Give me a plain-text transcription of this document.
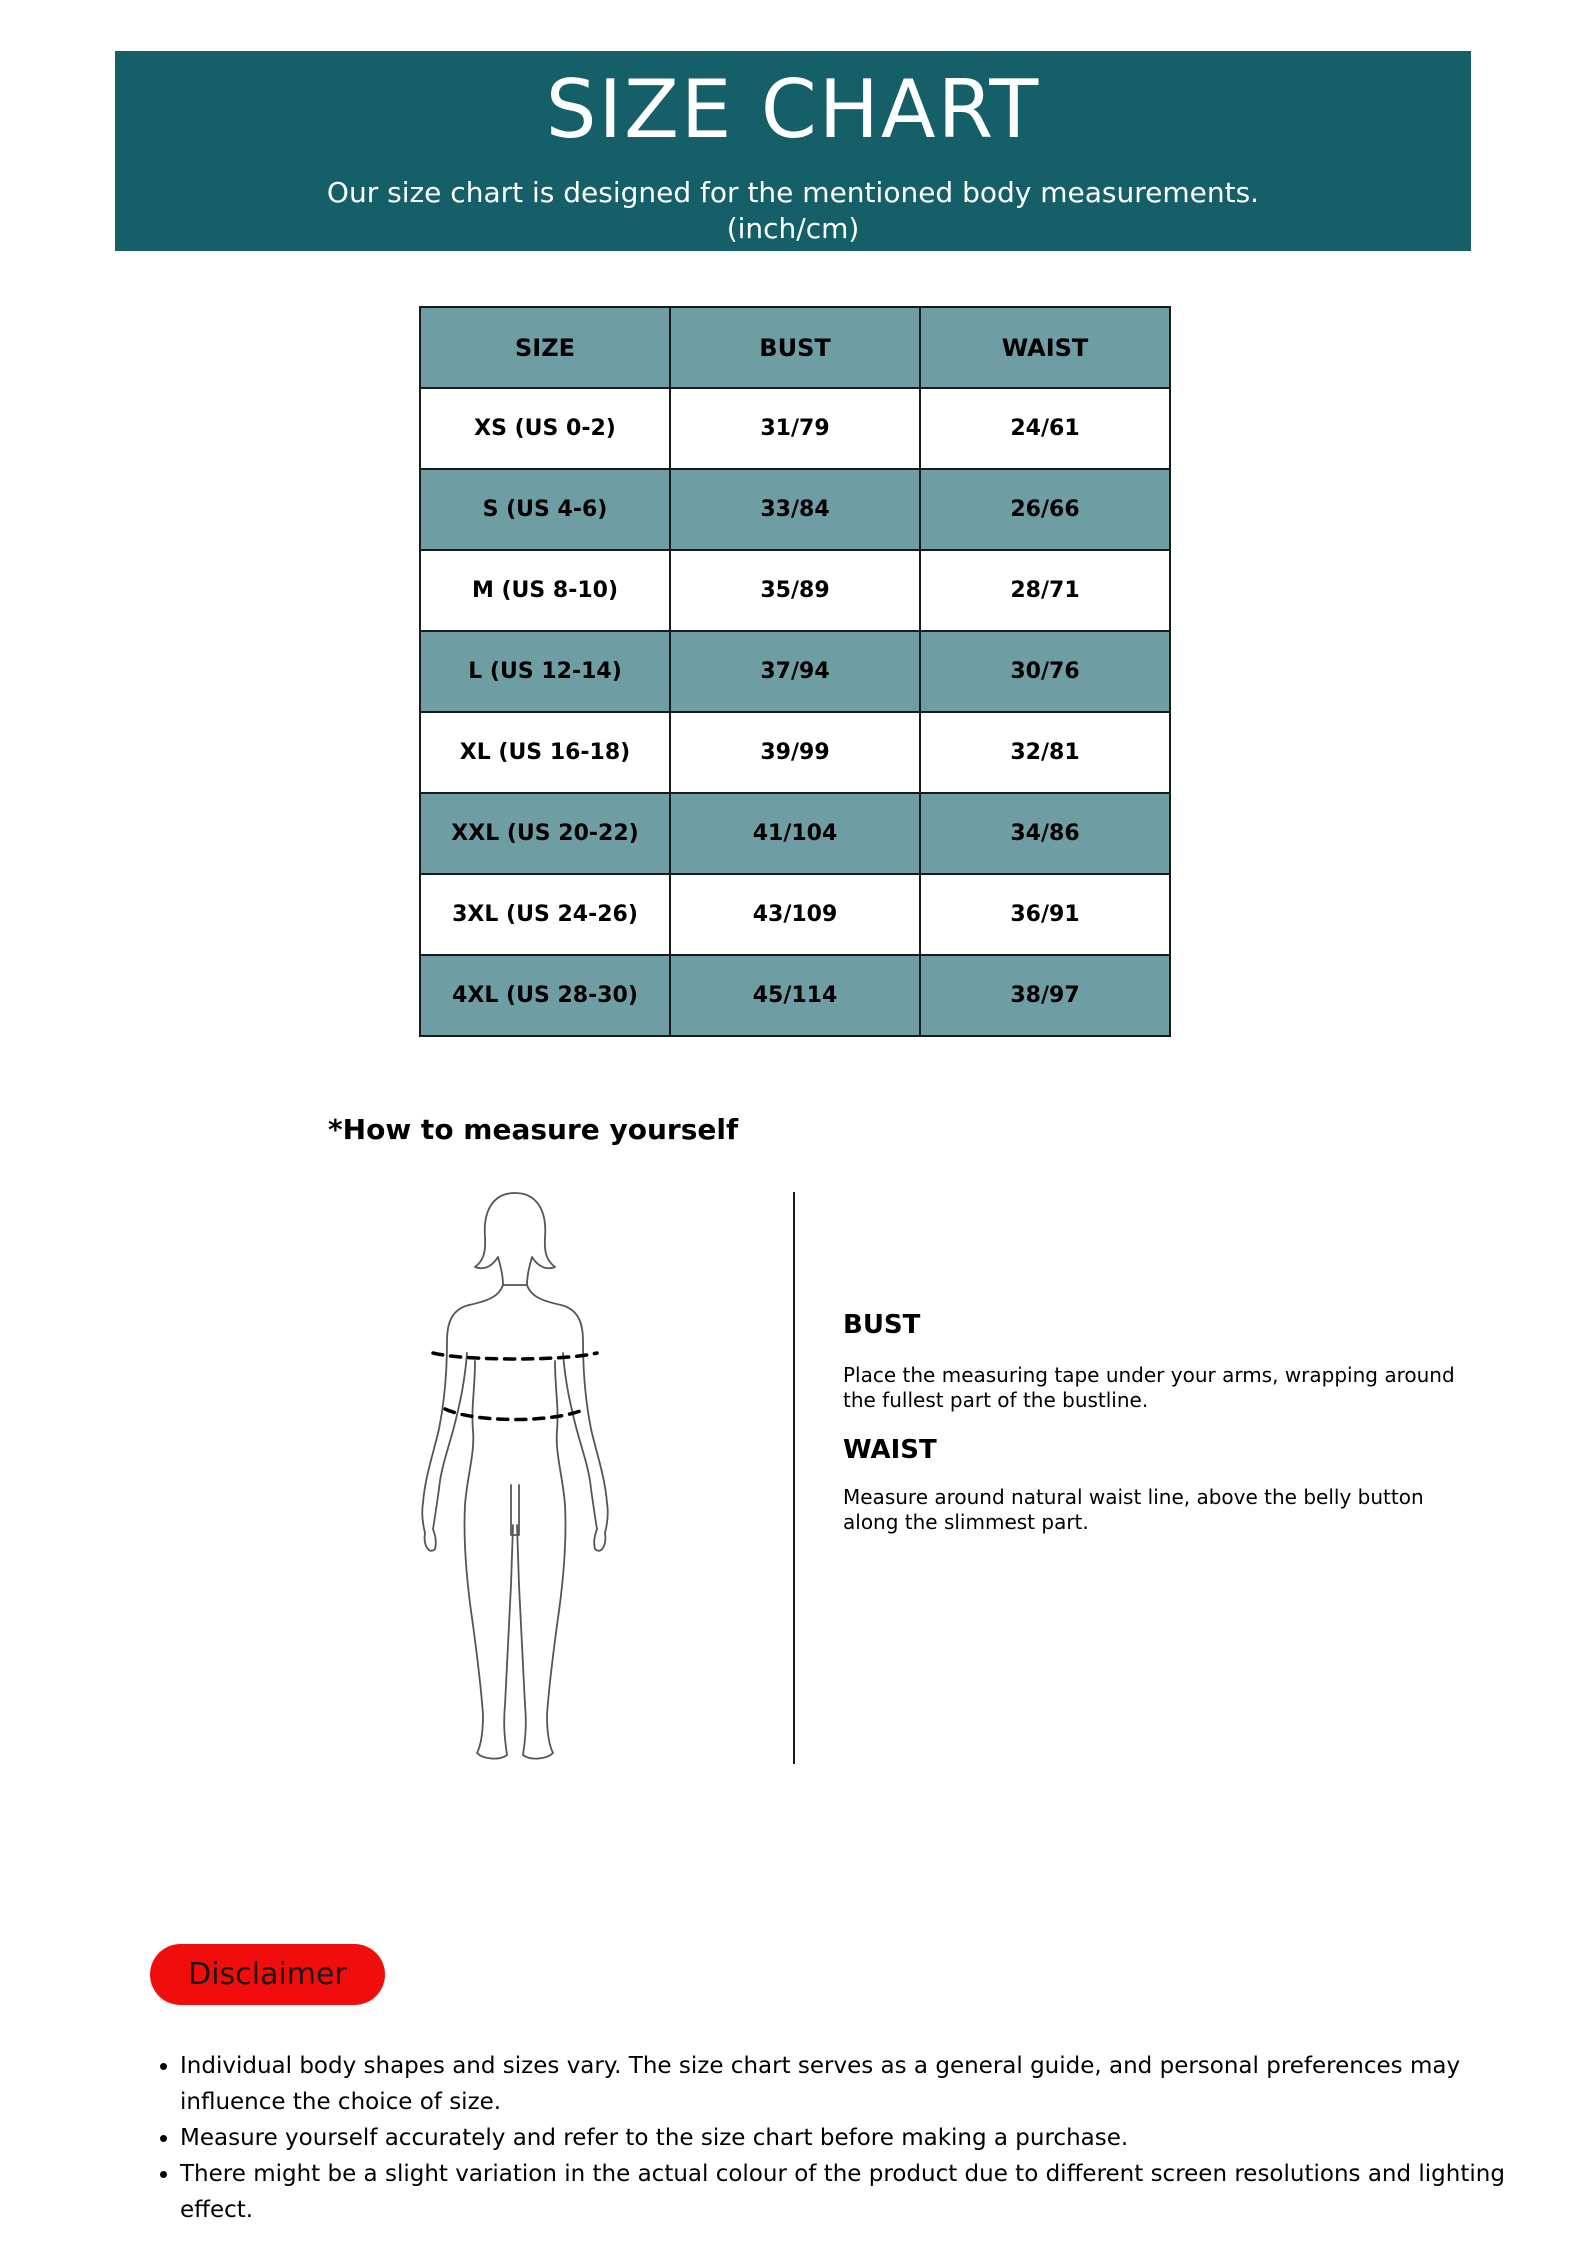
SIZE CHART
Our size chart is designed for the mentioned body measurements.
(inch/cm)
SIZE	BUST	WAIST
XS (US 0-2)	31/79	24/61
S (US 4-6)	33/84	26/66
M (US 8-10)	35/89	28/71
L (US 12-14)	37/94	30/76
XL (US 16-18)	39/99	32/81
XXL (US 20-22)	41/104	34/86
3XL (US 24-26)	43/109	36/91
4XL (US 28-30)	45/114	38/97
*How to measure yourself
BUST
Place the measuring tape under your arms, wrapping around
the fullest part of the bustline.
WAIST
Measure around natural waist line, above the belly button
along the slimmest part.
Disclaimer
• Individual body shapes and sizes vary. The size chart serves as a general guide, and personal preferences may influence the choice of size.
• Measure yourself accurately and refer to the size chart before making a purchase.
• There might be a slight variation in the actual colour of the product due to different screen resolutions and lighting effect.
